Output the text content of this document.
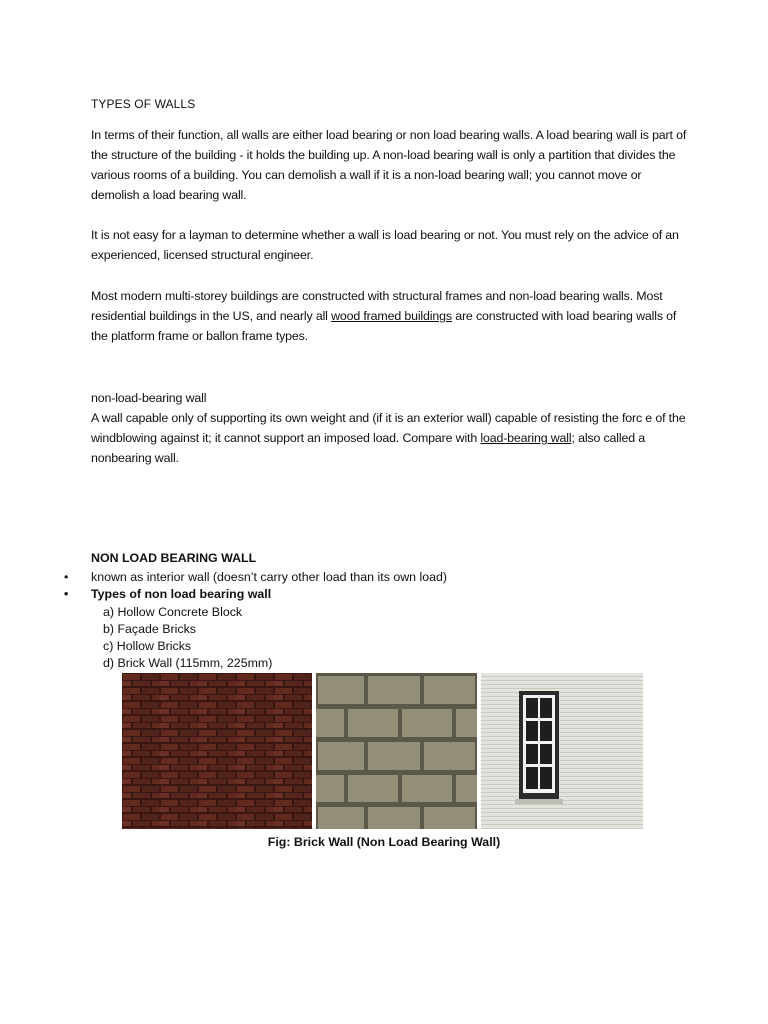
TYPES OF WALLS
In terms of their function, all walls are either load bearing or non load bearing walls. A load bearing wall is part of the structure of the building - it holds the building up. A non-load bearing wall is only a partition that divides the various rooms of a building. You can demolish a wall if it is a non-load bearing wall; you cannot move or demolish a load bearing wall.
It is not easy for a layman to determine whether a wall is load bearing or not. You must rely on the advice of an experienced, licensed structural engineer.
Most modern multi-storey buildings are constructed with structural frames and non-load bearing walls. Most residential buildings in the US, and nearly all wood framed buildings are constructed with load bearing walls of the platform frame or ballon frame types.
non-load-bearing wall
A wall capable only of supporting its own weight and (if it is an exterior wall) capable of resisting the forc e of the windblowing against it; it cannot support an imposed load. Compare with load-bearing wall; also called a nonbearing wall.
NON LOAD BEARING WALL
• known as interior wall (doesn’t carry other load than its own load)
• Types of non load bearing wall
a) Hollow Concrete Block
b) Façade Bricks
c) Hollow Bricks
d) Brick Wall (115mm, 225mm)
Fig: Brick Wall (Non Load Bearing Wall)
